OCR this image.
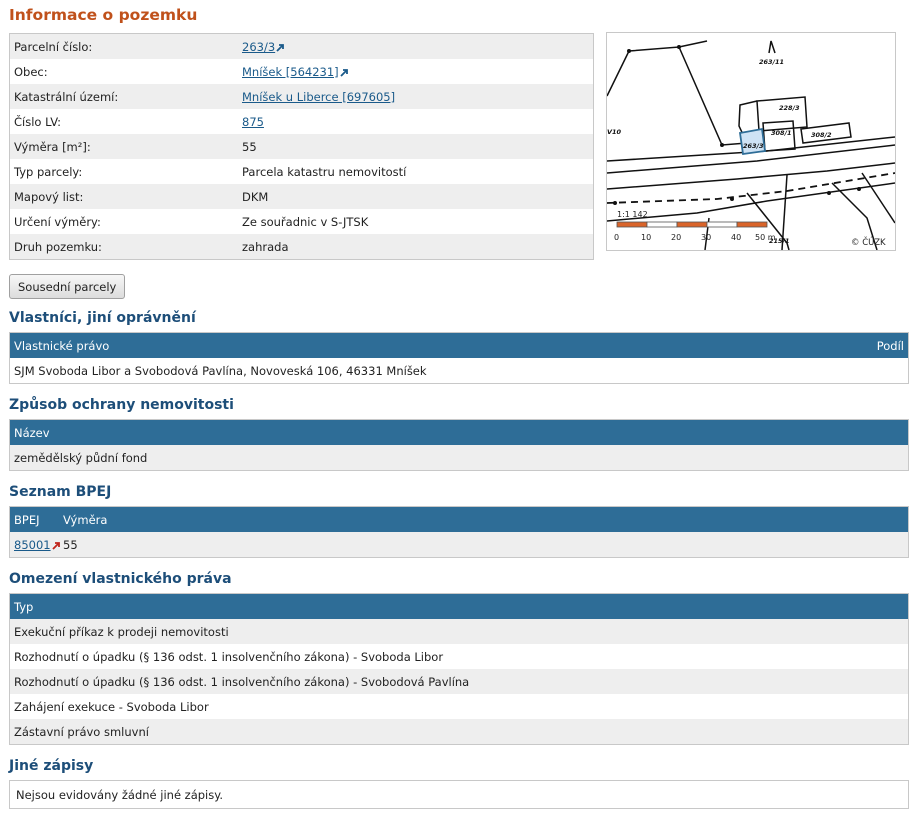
Informace o pozemku
Parcelní číslo:	263/3
Obec:	Mníšek [564231]
Katastrální území:	Mníšek u Liberce [697605]
Číslo LV:	875
Výměra [m²]:	55
Typ parcely:	Parcela katastru nemovitostí
Mapový list:	DKM
Určení výměry:	Ze souřadnic v S-JTSK
Druh pozemku:	zahrada
263/11
228/3
263/3
308/1	308/2
215/1
V10
1:1 142
0	10 20 30 40 50 m
© ČÚZK
Sousední parcely
Vlastníci, jiní oprávnění
Vlastnické právo	Podíl
SJM Svoboda Libor a Svobodová Pavlína, Novoveská 106, 46331 Mníšek
Způsob ochrany nemovitosti
Název
zemědělský půdní fond
Seznam BPEJ
BPEJ	Výměra
85001	55
Omezení vlastnického práva
Typ
Exekuční příkaz k prodeji nemovitosti
Rozhodnutí o úpadku (§ 136 odst. 1 insolvenčního zákona) - Svoboda Libor
Rozhodnutí o úpadku (§ 136 odst. 1 insolvenčního zákona) - Svobodová Pavlína
Zahájení exekuce - Svoboda Libor
Zástavní právo smluvní
Jiné zápisy
Nejsou evidovány žádné jiné zápisy.
